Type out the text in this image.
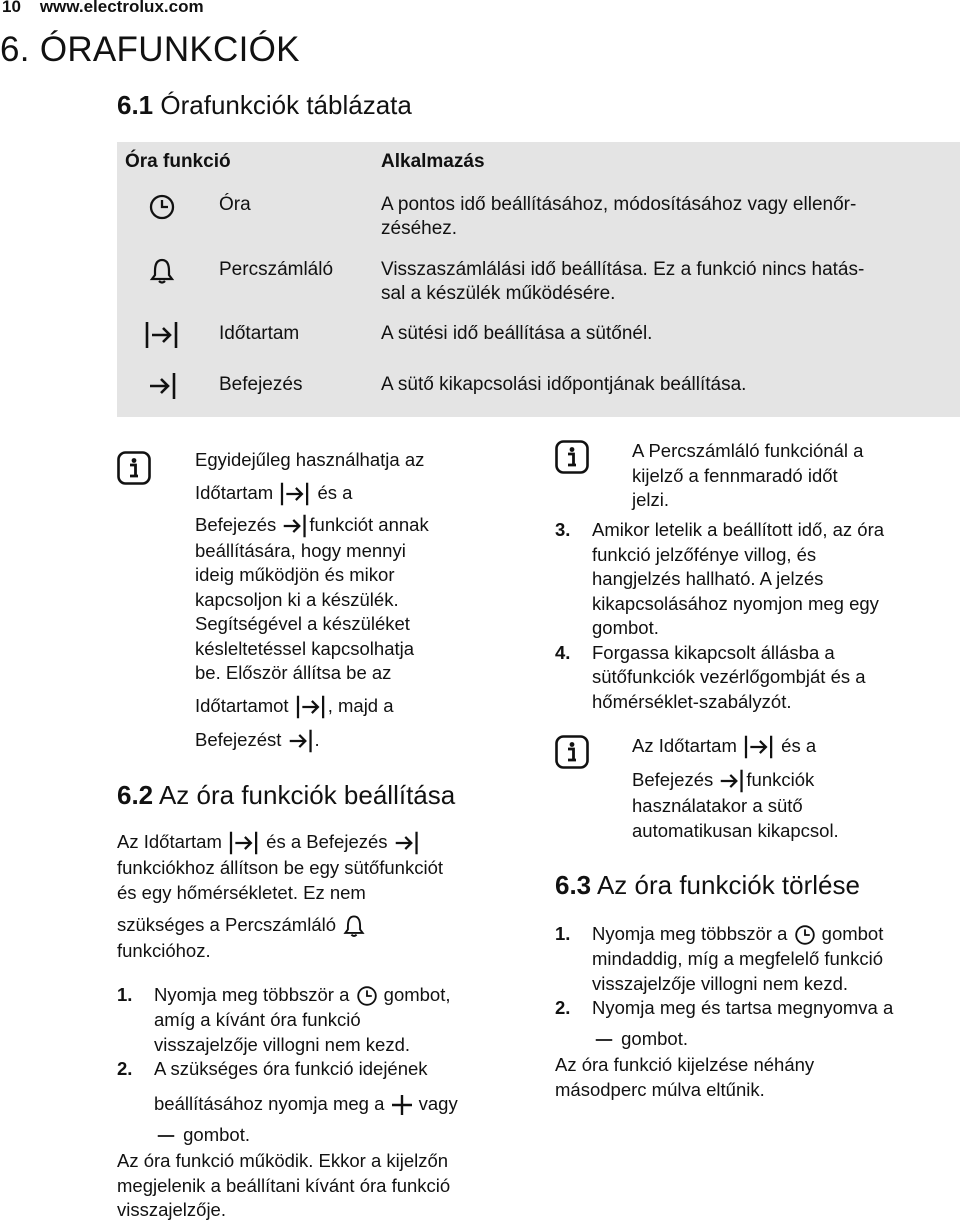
10 www.electrolux.com
6. ÓRAFUNKCIÓK
6.1 Órafunkciók táblázata
Óra funkció	Alkalmazás
Óra	A pontos idő beállításához, módosításához vagy ellenőr-
zéséhez.
Percszámláló	Visszaszámlálási idő beállítása. Ez a funkció nincs hatás-
sal a készülék működésére.
Időtartam	A sütési idő beállítása a sütőnél.
Befejezés	A sütő kikapcsolási időpontjának beállítása.
Egyidejűleg használhatja az
Időtartam és a
Befejezés funkciót annak
beállítására, hogy mennyi
ideig működjön és mikor
kapcsoljon ki a készülék.
Segítségével a készüléket
késleltetéssel kapcsolhatja
be. Először állítsa be az
Időtartamot , majd a
Befejezést .
6.2 Az óra funkciók beállítása
Az Időtartam és a Befejezés
funkciókhoz állítson be egy sütőfunkciót
és egy hőmérsékletet. Ez nem
szükséges a Percszámláló
funkcióhoz.
1. Nyomja meg többször a gombot,
amíg a kívánt óra funkció
visszajelzője villogni nem kezd.
2. A szükséges óra funkció idejének
beállításához nyomja meg a vagy
gombot.
Az óra funkció működik. Ekkor a kijelzőn
megjelenik a beállítani kívánt óra funkció
visszajelzője.
A Percszámláló funkciónál a
kijelző a fennmaradó időt
jelzi.
3. Amikor letelik a beállított idő, az óra
funkció jelzőfénye villog, és
hangjelzés hallható. A jelzés
kikapcsolásához nyomjon meg egy
gombot.
4. Forgassa kikapcsolt állásba a
sütőfunkciók vezérlőgombját és a
hőmérséklet-szabályzót.
Az Időtartam és a
Befejezés funkciók
használatakor a sütő
automatikusan kikapcsol.
6.3 Az óra funkciók törlése
1. Nyomja meg többször a gombot
mindaddig, míg a megfelelő funkció
visszajelzője villogni nem kezd.
2. Nyomja meg és tartsa megnyomva a
gombot.
Az óra funkció kijelzése néhány
másodperc múlva eltűnik.
